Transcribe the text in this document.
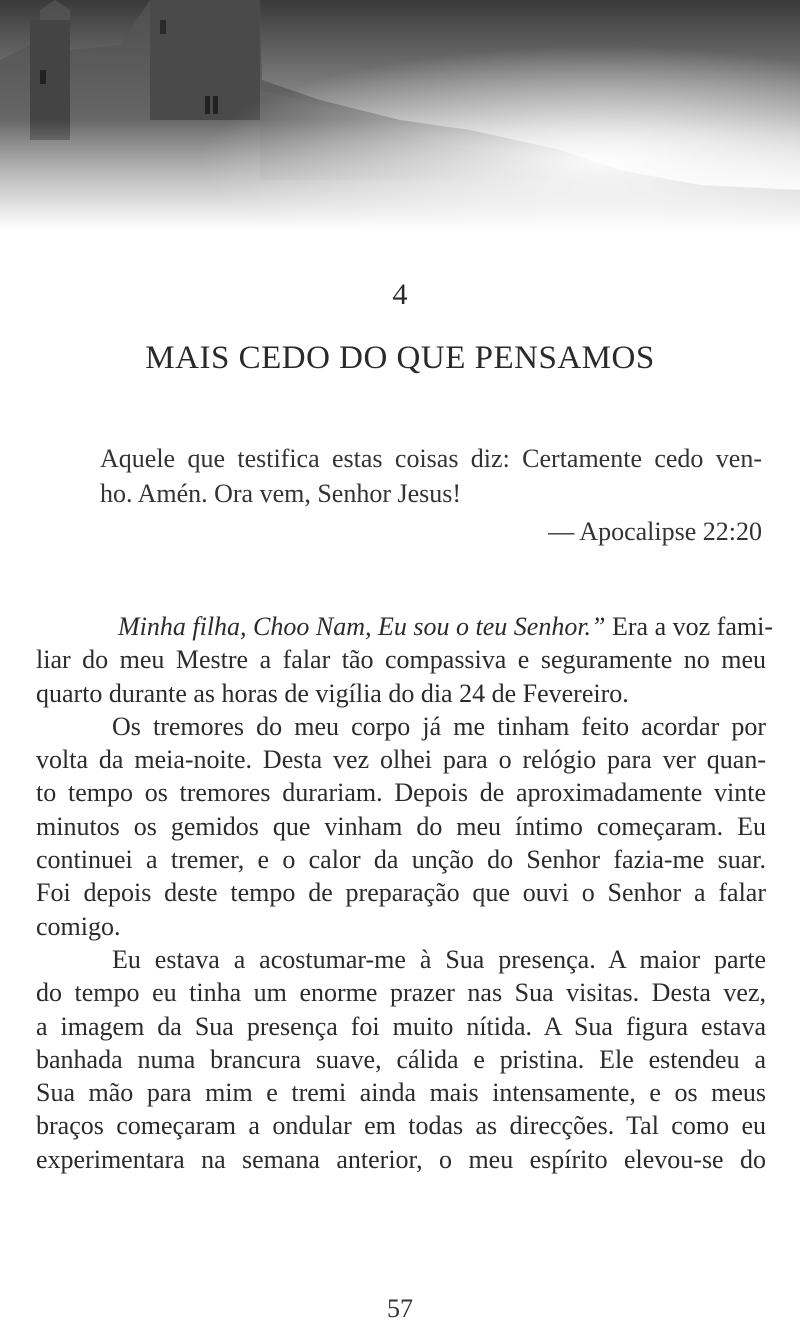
4
MAIS CEDO DO QUE PENSAMOS
Aquele que testifica estas coisas diz: Certamente cedo ven-
ho. Amén. Ora vem, Senhor Jesus!
— Apocalipse 22:20
Minha filha, Choo Nam, Eu sou o teu Senhor.” Era a voz fami-
liar do meu Mestre a falar tão compassiva e seguramente no meu
quarto durante as horas de vigília do dia 24 de Fevereiro.
Os tremores do meu corpo já me tinham feito acordar por
volta da meia-noite. Desta vez olhei para o relógio para ver quan-
to tempo os tremores durariam. Depois de aproximadamente vinte
minutos os gemidos que vinham do meu íntimo começaram. Eu
continuei a tremer, e o calor da unção do Senhor fazia-me suar.
Foi depois deste tempo de preparação que ouvi o Senhor a falar
comigo.
Eu estava a acostumar-me à Sua presença. A maior parte
do tempo eu tinha um enorme prazer nas Sua visitas. Desta vez,
a imagem da Sua presença foi muito nítida. A Sua figura estava
banhada numa brancura suave, cálida e pristina. Ele estendeu a
Sua mão para mim e tremi ainda mais intensamente, e os meus
braços começaram a ondular em todas as direcções. Tal como eu
experimentara na semana anterior, o meu espírito elevou-se do
57
